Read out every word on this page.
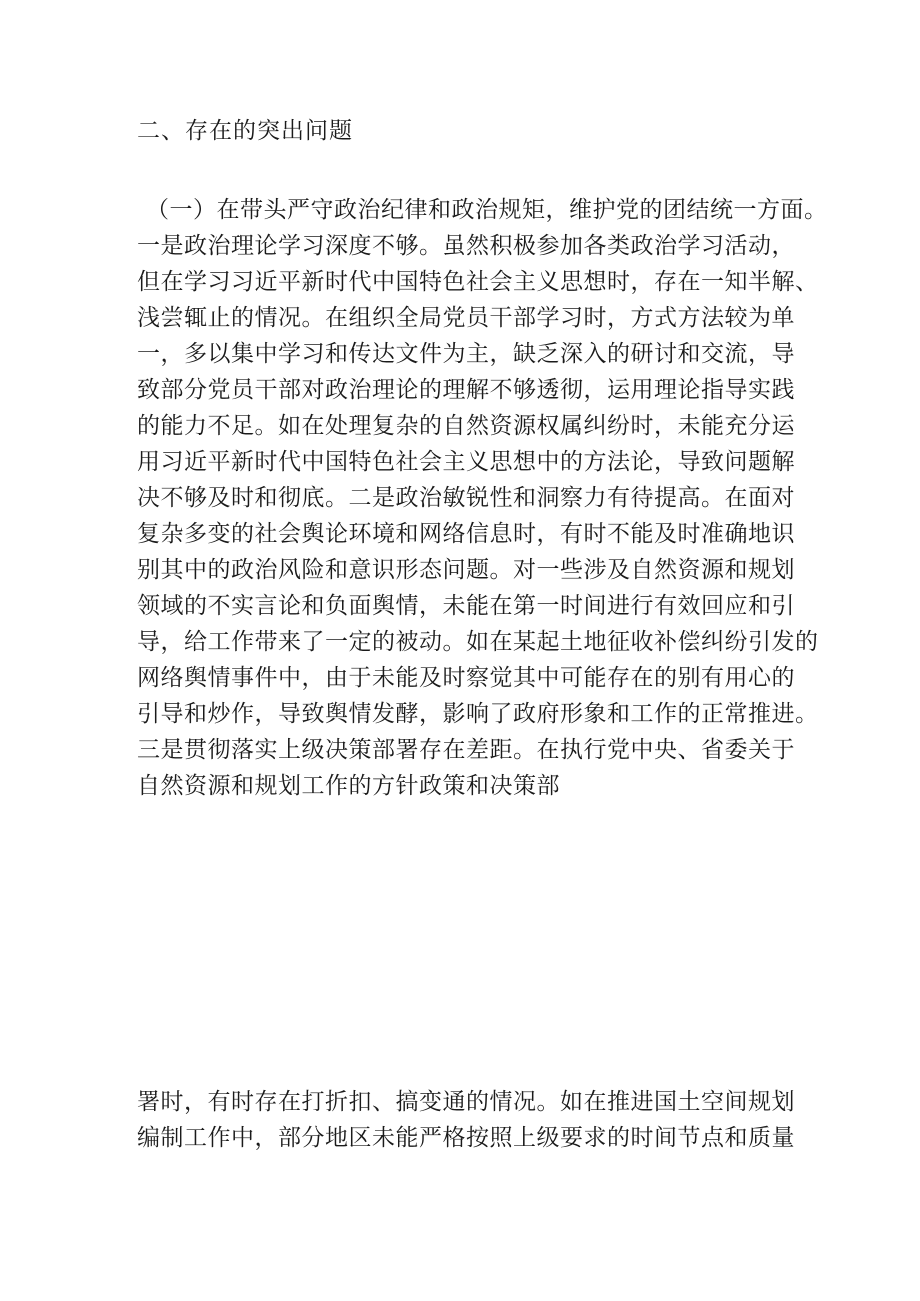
二、存在的突出问题
（一）在带头严守政治纪律和政治规矩，维护党的团结统一方面。
一是政治理论学习深度不够。虽然积极参加各类政治学习活动，
但在学习习近平新时代中国特色社会主义思想时，存在一知半解、
浅尝辄止的情况。在组织全局党员干部学习时，方式方法较为单
一，多以集中学习和传达文件为主，缺乏深入的研讨和交流，导
致部分党员干部对政治理论的理解不够透彻，运用理论指导实践
的能力不足。如在处理复杂的自然资源权属纠纷时，未能充分运
用习近平新时代中国特色社会主义思想中的方法论，导致问题解
决不够及时和彻底。二是政治敏锐性和洞察力有待提高。在面对
复杂多变的社会舆论环境和网络信息时，有时不能及时准确地识
别其中的政治风险和意识形态问题。对一些涉及自然资源和规划
领域的不实言论和负面舆情，未能在第一时间进行有效回应和引
导，给工作带来了一定的被动。如在某起土地征收补偿纠纷引发的
网络舆情事件中，由于未能及时察觉其中可能存在的别有用心的
引导和炒作，导致舆情发酵，影响了政府形象和工作的正常推进。
三是贯彻落实上级决策部署存在差距。在执行党中央、省委关于
自然资源和规划工作的方针政策和决策部
署时，有时存在打折扣、搞变通的情况。如在推进国土空间规划
编制工作中，部分地区未能严格按照上级要求的时间节点和质量
